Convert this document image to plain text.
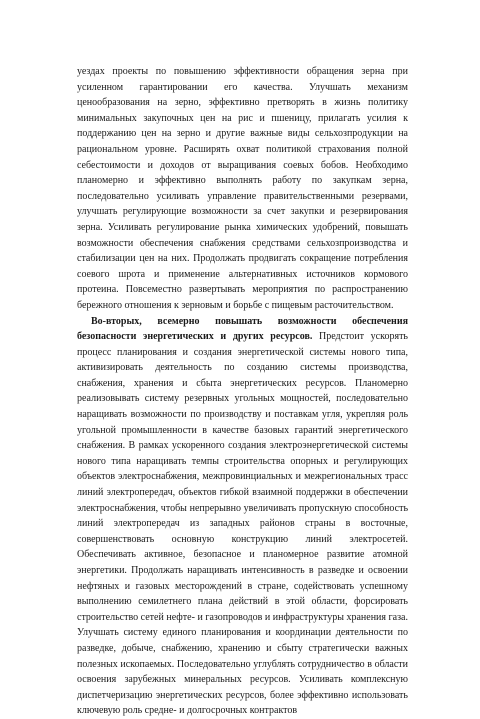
уездах проекты по повышению эффективности обращения зерна при усиленном гарантировании его качества. Улучшать механизм ценообразования на зерно, эффективно претворять в жизнь политику минимальных закупочных цен на рис и пшеницу, прилагать усилия к поддержанию цен на зерно и другие важные виды сельхозпродукции на рациональном уровне. Расширять охват политикой страхования полной себестоимости и доходов от выращивания соевых бобов. Необходимо планомерно и эффективно выполнять работу по закупкам зерна, последовательно усиливать управление правительственными резервами, улучшать регулирующие возможности за счет закупки и резервирования зерна. Усиливать регулирование рынка химических удобрений, повышать возможности обеспечения снабжения средствами сельхозпроизводства и стабилизации цен на них. Продолжать продвигать сокращение потребления соевого шрота и применение альтернативных источников кормового протеина. Повсеместно развертывать мероприятия по распространению бережного отношения к зерновым и борьбе с пищевым расточительством.

Во-вторых, всемерно повышать возможности обеспечения безопасности энергетических и других ресурсов. Предстоит ускорять процесс планирования и создания энергетической системы нового типа, активизировать деятельность по созданию системы производства, снабжения, хранения и сбыта энергетических ресурсов. Планомерно реализовывать систему резервных угольных мощностей, последовательно наращивать возможности по производству и поставкам угля, укрепляя роль угольной промышленности в качестве базовых гарантий энергетического снабжения. В рамках ускоренного создания электроэнергетической системы нового типа наращивать темпы строительства опорных и регулирующих объектов электроснабжения, межпровинциальных и межрегиональных трасс линий электропередач, объектов гибкой взаимной поддержки в обеспечении электроснабжения, чтобы непрерывно увеличивать пропускную способность линий электропередач из западных районов страны в восточные, совершенствовать основную конструкцию линий электросетей. Обеспечивать активное, безопасное и планомерное развитие атомной энергетики. Продолжать наращивать интенсивность в разведке и освоении нефтяных и газовых месторождений в стране, содействовать успешному выполнению семилетнего плана действий в этой области, форсировать строительство сетей нефте- и газопроводов и инфраструктуры хранения газа. Улучшать систему единого планирования и координации деятельности по разведке, добыче, снабжению, хранению и сбыту стратегически важных полезных ископаемых. Последовательно углублять сотрудничество в области освоения зарубежных минеральных ресурсов. Усиливать комплексную диспетчеризацию энергетических ресурсов, более эффективно использовать ключевую роль средне- и долгосрочных контрактов
